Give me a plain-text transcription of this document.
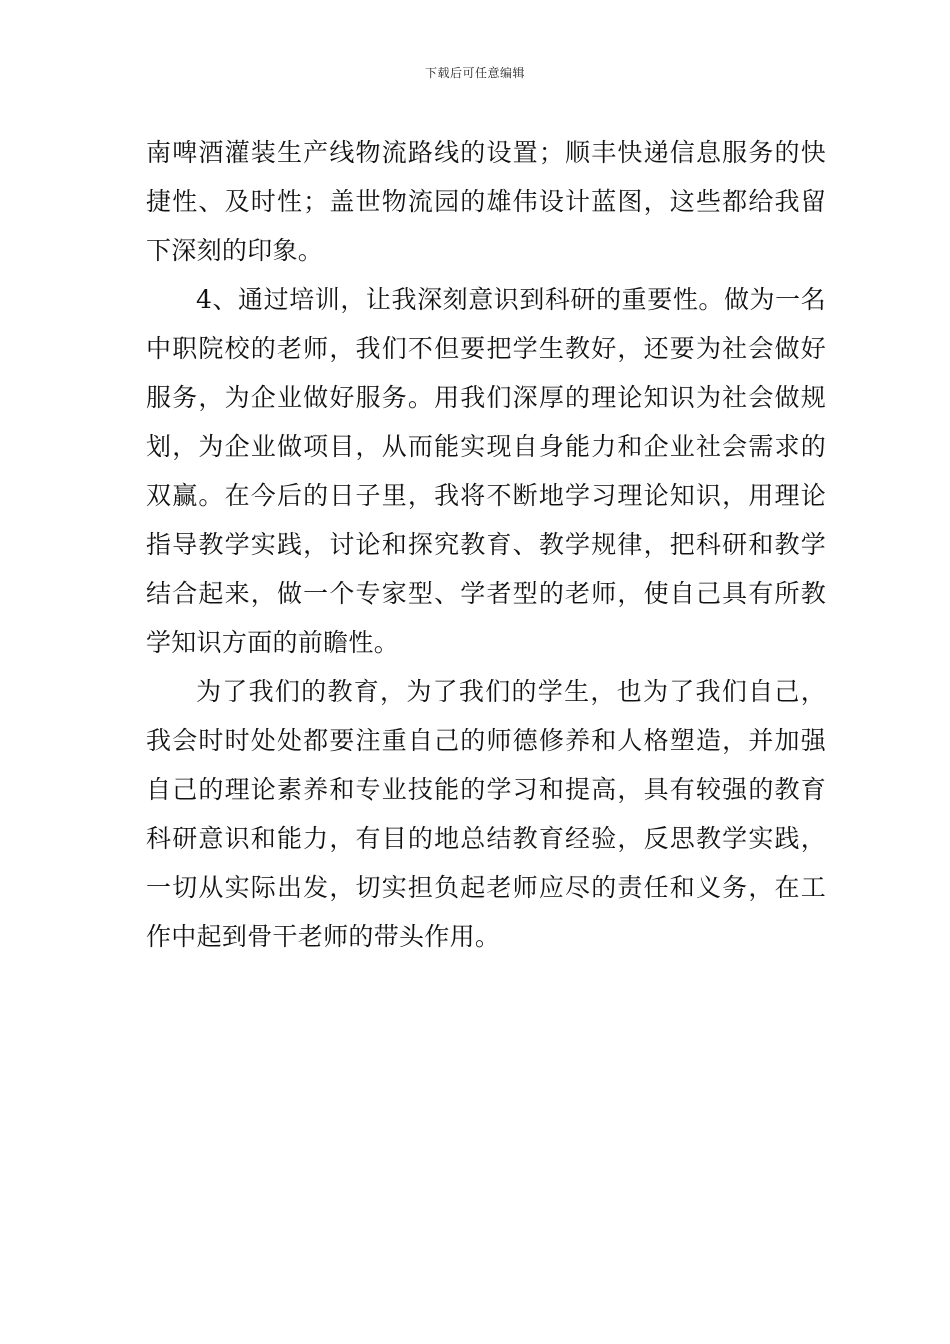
下载后可任意编辑

南啤酒灌装生产线物流路线的设置；顺丰快递信息服务的快捷性、及时性；盖世物流园的雄伟设计蓝图，这些都给我留下深刻的印象。

4、通过培训，让我深刻意识到科研的重要性。做为一名中职院校的老师，我们不但要把学生教好，还要为社会做好服务，为企业做好服务。用我们深厚的理论知识为社会做规划，为企业做项目，从而能实现自身能力和企业社会需求的双赢。在今后的日子里，我将不断地学习理论知识，用理论指导教学实践，讨论和探究教育、教学规律，把科研和教学结合起来，做一个专家型、学者型的老师，使自己具有所教学知识方面的前瞻性。

为了我们的教育，为了我们的学生，也为了我们自己，我会时时处处都要注重自己的师德修养和人格塑造，并加强自己的理论素养和专业技能的学习和提高，具有较强的教育科研意识和能力，有目的地总结教育经验，反思教学实践，一切从实际出发，切实担负起老师应尽的责任和义务，在工作中起到骨干老师的带头作用。
